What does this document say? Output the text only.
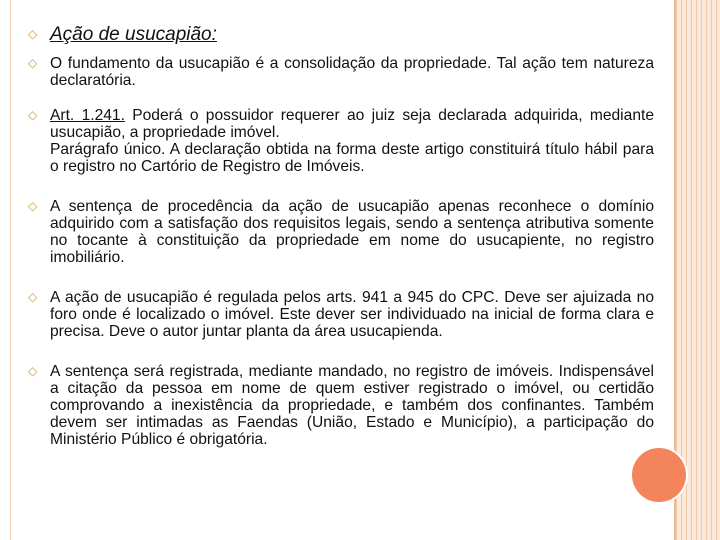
◇ Ação de usucapião:

◇ O fundamento da usucapião é a consolidação da propriedade. Tal ação tem natureza declaratória.

◇ Art. 1.241. Poderá o possuidor requerer ao juiz seja declarada adquirida, mediante usucapião, a propriedade imóvel.

Parágrafo único. A declaração obtida na forma deste artigo constituirá título hábil para o registro no Cartório de Registro de Imóveis.

◇ A sentença de procedência da ação de usucapião apenas reconhece o domínio adquirido com a satisfação dos requisitos legais, sendo a sentença atributiva somente no tocante à constituição da propriedade em nome do usucapiente, no registro imobiliário.

◇ A ação de usucapião é regulada pelos arts. 941 a 945 do CPC. Deve ser ajuizada no foro onde é localizado o imóvel. Este dever ser individuado na inicial de forma clara e precisa. Deve o autor juntar planta da área usucapienda.

◇ A sentença será registrada, mediante mandado, no registro de imóveis. Indispensável a citação da pessoa em nome de quem estiver registrado o imóvel, ou certidão comprovando a inexistência da propriedade, e também dos confinantes. Também devem ser intimadas as Faendas (União, Estado e Município), a participação do Ministério Público é obrigatória.
